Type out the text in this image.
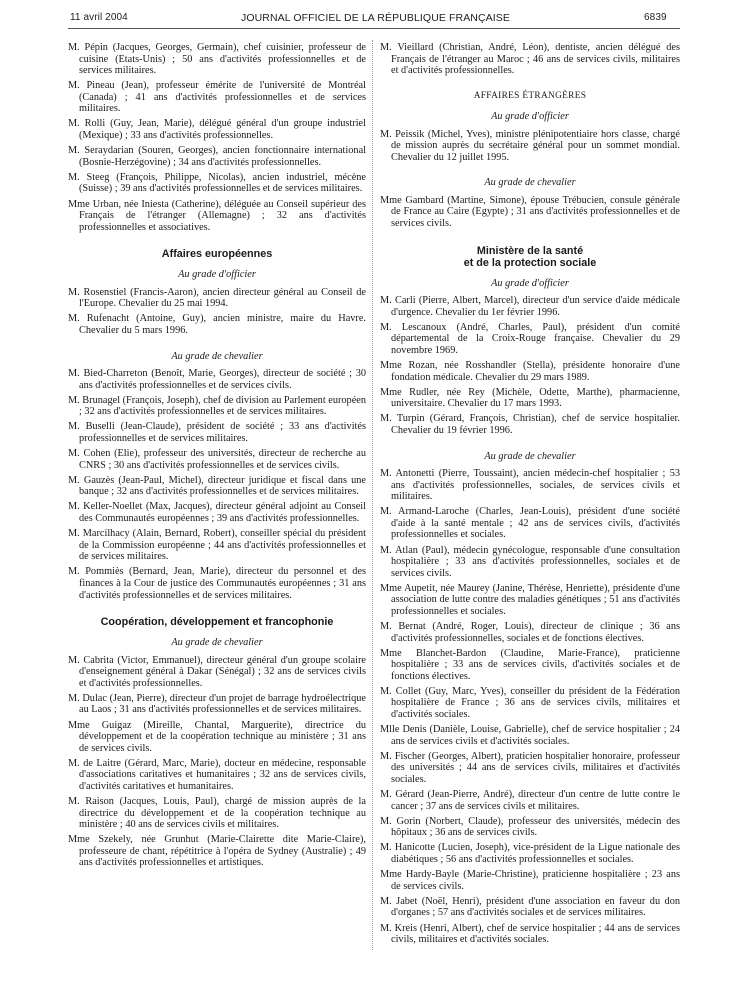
JOURNAL OFFICIEL DE LA RÉPUBLIQUE FRANÇAISE
11 avril 2004	6839

M. Pépin (Jacques, Georges, Germain), chef cuisinier, professeur de cuisine (Etats-Unis) ; 50 ans d'activités professionnelles et de services militaires.

M. Pineau (Jean), professeur émérite de l'université de Montréal (Canada) ; 41 ans d'activités professionnelles et de services militaires.

M. Rolli (Guy, Jean, Marie), délégué général d'un groupe industriel (Mexique) ; 33 ans d'activités professionnelles.

M. Seraydarian (Souren, Georges), ancien fonctionnaire international (Bosnie-Herzégovine) ; 34 ans d'activités professionnelles.

M. Steeg (François, Philippe, Nicolas), ancien industriel, mécène (Suisse) ; 39 ans d'activités professionnelles et de services militaires.

Mme Urban, née Iniesta (Catherine), déléguée au Conseil supérieur des Français de l'étranger (Allemagne) ; 32 ans d'activités professionnelles et associatives.

Affaires européennes
Au grade d'officier

M. Rosenstiel (Francis-Aaron), ancien directeur général au Conseil de l'Europe. Chevalier du 25 mai 1994.

M. Rufenacht (Antoine, Guy), ancien ministre, maire du Havre. Chevalier du 5 mars 1996.

Au grade de chevalier

M. Bied-Charreton (Benoît, Marie, Georges), directeur de société ; 30 ans d'activités professionnelles et de services civils.

M. Brunagel (François, Joseph), chef de division au Parlement européen ; 32 ans d'activités professionnelles et de services militaires.

M. Buselli (Jean-Claude), président de société ; 33 ans d'activités professionnelles et de services militaires.

M. Cohen (Elie), professeur des universités, directeur de recherche au CNRS ; 30 ans d'activités professionnelles et de services civils.

M. Gauzès (Jean-Paul, Michel), directeur juridique et fiscal dans une banque ; 32 ans d'activités professionnelles et de services militaires.

M. Keller-Noellet (Max, Jacques), directeur général adjoint au Conseil des Communautés européennes ; 39 ans d'activités professionnelles.

M. Marcilhacy (Alain, Bernard, Robert), conseiller spécial du président de la Commission européenne ; 44 ans d'activités professionnelles et de services militaires.

M. Pommiès (Bernard, Jean, Marie), directeur du personnel et des finances à la Cour de justice des Communautés européennes ; 31 ans d'activités professionnelles et de services militaires.

Coopération, développement et francophonie
Au grade de chevalier

M. Cabrita (Victor, Emmanuel), directeur général d'un groupe scolaire d'enseignement général à Dakar (Sénégal) ; 32 ans de services civils et d'activités professionnelles.

M. Dulac (Jean, Pierre), directeur d'un projet de barrage hydroélectrique au Laos ; 31 ans d'activités professionnelles et de services militaires.

Mme Guigaz (Mireille, Chantal, Marguerite), directrice du développement et de la coopération technique au ministère ; 31 ans de services civils.

M. de Laitre (Gérard, Marc, Marie), docteur en médecine, responsable d'associations caritatives et humanitaires ; 32 ans de services civils, d'activités caritatives et humanitaires.

M. Raison (Jacques, Louis, Paul), chargé de mission auprès de la directrice du développement et de la coopération technique au ministère ; 40 ans de services civils et militaires.

Mme Szekely, née Grunhut (Marie-Clairette dite Marie-Claire), professeure de chant, répétitrice à l'opéra de Sydney (Australie) ; 49 ans d'activités professionnelles et artistiques.

M. Vieillard (Christian, André, Léon), dentiste, ancien délégué des Français de l'étranger au Maroc ; 46 ans de services civils, militaires et d'activités professionnelles.

AFFAIRES ÉTRANGÈRES
Au grade d'officier

M. Peissik (Michel, Yves), ministre plénipotentiaire hors classe, chargé de mission auprès du secrétaire général pour un sommet mondial. Chevalier du 12 juillet 1995.

Au grade de chevalier

Mme Gambard (Martine, Simone), épouse Trébucien, consule générale de France au Caire (Egypte) ; 31 ans d'activités professionnelles et de services civils.

Ministère de la santé
et de la protection sociale
Au grade d'officier

M. Carli (Pierre, Albert, Marcel), directeur d'un service d'aide médicale d'urgence. Chevalier du 1er février 1996.

M. Lescanoux (André, Charles, Paul), président d'un comité départemental de la Croix-Rouge française. Chevalier du 29 novembre 1969.

Mme Rozan, née Rosshandler (Stella), présidente honoraire d'une fondation médicale. Chevalier du 29 mars 1989.

Mme Rudler, née Rey (Michèle, Odette, Marthe), pharmacienne, universitaire. Chevalier du 17 mars 1993.

M. Turpin (Gérard, François, Christian), chef de service hospitalier. Chevalier du 19 février 1996.

Au grade de chevalier

M. Antonetti (Pierre, Toussaint), ancien médecin-chef hospitalier ; 53 ans d'activités professionnelles, sociales, de services civils et militaires.

M. Armand-Laroche (Charles, Jean-Louis), président d'une société d'aide à la santé mentale ; 42 ans de services civils, d'activités professionnelles et sociales.

M. Atlan (Paul), médecin gynécologue, responsable d'une consultation hospitalière ; 33 ans d'activités professionnelles, sociales et de services civils.

Mme Aupetit, née Maurey (Janine, Thérèse, Henriette), présidente d'une association de lutte contre des maladies génétiques ; 51 ans d'activités professionnelles et sociales.

M. Bernat (André, Roger, Louis), directeur de clinique ; 36 ans d'activités professionnelles, sociales et de fonctions électives.

Mme Blanchet-Bardon (Claudine, Marie-France), praticienne hospitalière ; 33 ans de services civils, d'activités sociales et de fonctions électives.

M. Collet (Guy, Marc, Yves), conseiller du président de la Fédération hospitalière de France ; 36 ans de services civils, militaires et d'activités sociales.

Mlle Denis (Danièle, Louise, Gabrielle), chef de service hospitalier ; 24 ans de services civils et d'activités sociales.

M. Fischer (Georges, Albert), praticien hospitalier honoraire, professeur des universités ; 44 ans de services civils, militaires et d'activités sociales.

M. Gérard (Jean-Pierre, André), directeur d'un centre de lutte contre le cancer ; 37 ans de services civils et militaires.

M. Gorin (Norbert, Claude), professeur des universités, médecin des hôpitaux ; 36 ans de services civils.

M. Hanicotte (Lucien, Joseph), vice-président de la Ligue nationale des diabétiques ; 56 ans d'activités professionnelles et sociales.

Mme Hardy-Bayle (Marie-Christine), praticienne hospitalière ; 23 ans de services civils.

M. Jabet (Noël, Henri), président d'une association en faveur du don d'organes ; 57 ans d'activités sociales et de services militaires.

M. Kreis (Henri, Albert), chef de service hospitalier ; 44 ans de services civils, militaires et d'activités sociales.
